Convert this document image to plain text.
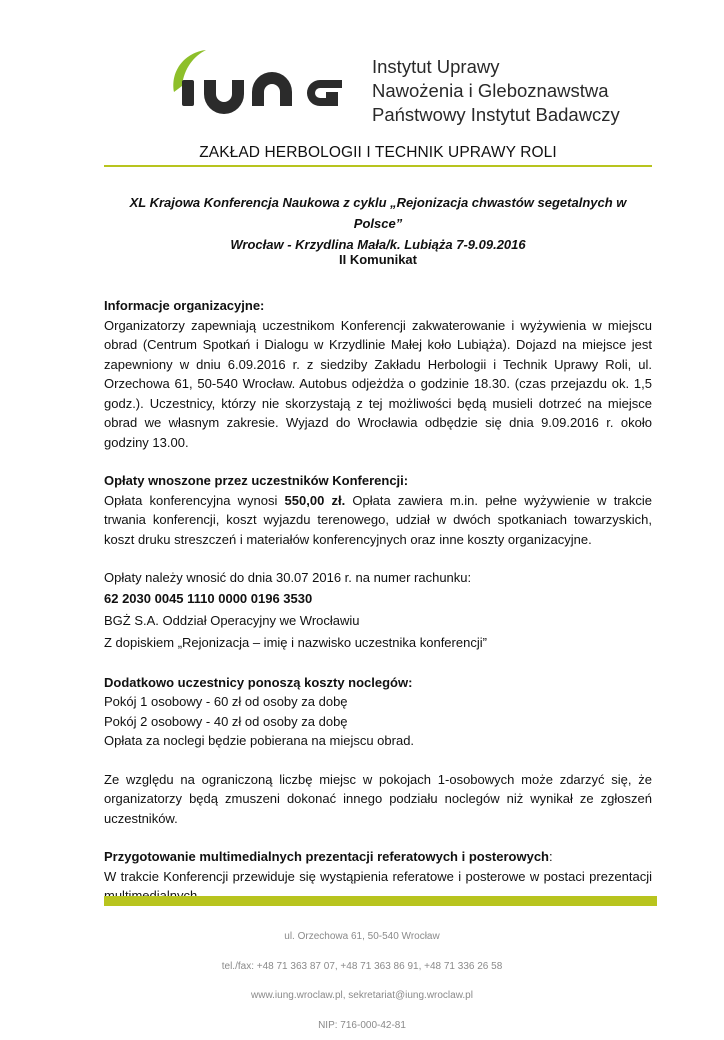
IUNG
Instytut Uprawy
Nawożenia i Gleboznawstwa
Państwowy Instytut Badawczy
ZAKŁAD HERBOLOGII I TECHNIK UPRAWY ROLI
XL Krajowa Konferencja Naukowa z cyklu „Rejonizacja chwastów segetalnych w Polsce”
Wrocław - Krzydlina Mała/k. Lubiąża 7-9.09.2016
II Komunikat

Informacje organizacyjne:

Organizatorzy zapewniają uczestnikom Konferencji zakwaterowanie i wyżywienia w miejscu obrad (Centrum Spotkań i Dialogu w Krzydlinie Małej koło Lubiąża). Dojazd na miejsce jest zapewniony w dniu 6.09.2016 r. z siedziby Zakładu Herbologii i Technik Uprawy Roli, ul. Orzechowa 61, 50-540 Wrocław. Autobus odjeżdża o godzinie 18.30. (czas przejazdu ok. 1,5 godz.). Uczestnicy, którzy nie skorzystają z tej możliwości będą musieli dotrzeć na miejsce obrad we własnym zakresie. Wyjazd do Wrocławia odbędzie się dnia 9.09.2016 r. około godziny 13.00.

Opłaty wnoszone przez uczestników Konferencji:

Opłata konferencyjna wynosi 550,00 zł. Opłata zawiera m.in. pełne wyżywienie w trakcie trwania konferencji, koszt wyjazdu terenowego, udział w dwóch spotkaniach towarzyskich, koszt druku streszczeń i materiałów konferencyjnych oraz inne koszty organizacyjne.

Opłaty należy wnosić do dnia 30.07 2016 r. na numer rachunku:

62 2030 0045 1110 0000 0196 3530

BGŻ S.A. Oddział Operacyjny we Wrocławiu

Z dopiskiem „Rejonizacja – imię i nazwisko uczestnika konferencji”

Dodatkowo uczestnicy ponoszą koszty noclegów:

Pokój 1 osobowy - 60 zł od osoby za dobę

Pokój 2 osobowy - 40 zł od osoby za dobę

Opłata za noclegi będzie pobierana na miejscu obrad.

Ze względu na ograniczoną liczbę miejsc w pokojach 1-osobowych może zdarzyć się, że organizatorzy będą zmuszeni dokonać innego podziału noclegów niż wynikał ze zgłoszeń uczestników.

Przygotowanie multimedialnych prezentacji referatowych i posterowych:

W trakcie Konferencji przewiduje się wystąpienia referatowe i posterowe w postaci prezentacji

ul. Orzechowa 61, 50-540 Wrocław
tel./fax: +48 71 363 87 07, +48 71 363 86 91, +48 71 336 26 58
www.iung.wroclaw.pl, sekretariat@iung.wroclaw.pl
NIP: 716-000-42-81
